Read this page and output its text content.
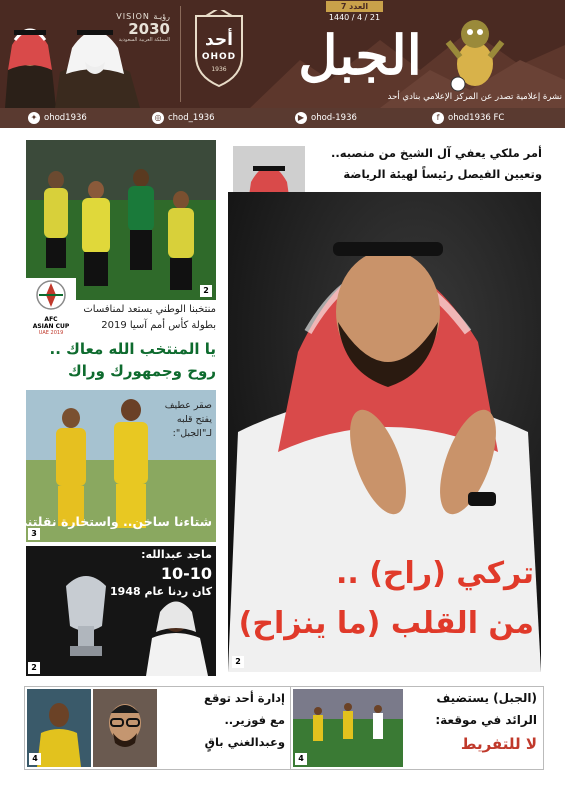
VISION رؤيـة
2030
المملكة العربية السعودية	أحد
OHOD
1936
العدد 7
1440 / 4 / 21
الجبل
نشرة إعلامية تصدر عن المركز الإعلامي بنادي أحد
f ohod1936 FC
▶ ohod-1936
◎ chod_1936
✦ ohod1936
2
AFC
ASIAN CUP
UAE 2019
منتخبنا الوطني يستعد لمنافسات
بطولة كأس أمم آسيا 2019
يا المنتخب الله معاك ..
روح وجمهورك وراك
3
صقر عطيف
يفتح قلبه
لـ"الجبل":
شتاءنا ساخن.. واستخارة نقلتني
2
ماجد عبدالله:
10-10
كان ردنا عام 1948
أمر ملكي يعفي آل الشيخ من منصبه..
وتعيين الفيصل رئيساً لهيئة الرياضة
2
تركي (راح) ..
من القلب (ما ينزاح)
4
إدارة أحد توقع
مع فوزير..
وعبدالغني باقٍ
4
(الجبل) يستضيف
الرائد في موقعة:
لا للتفريط
